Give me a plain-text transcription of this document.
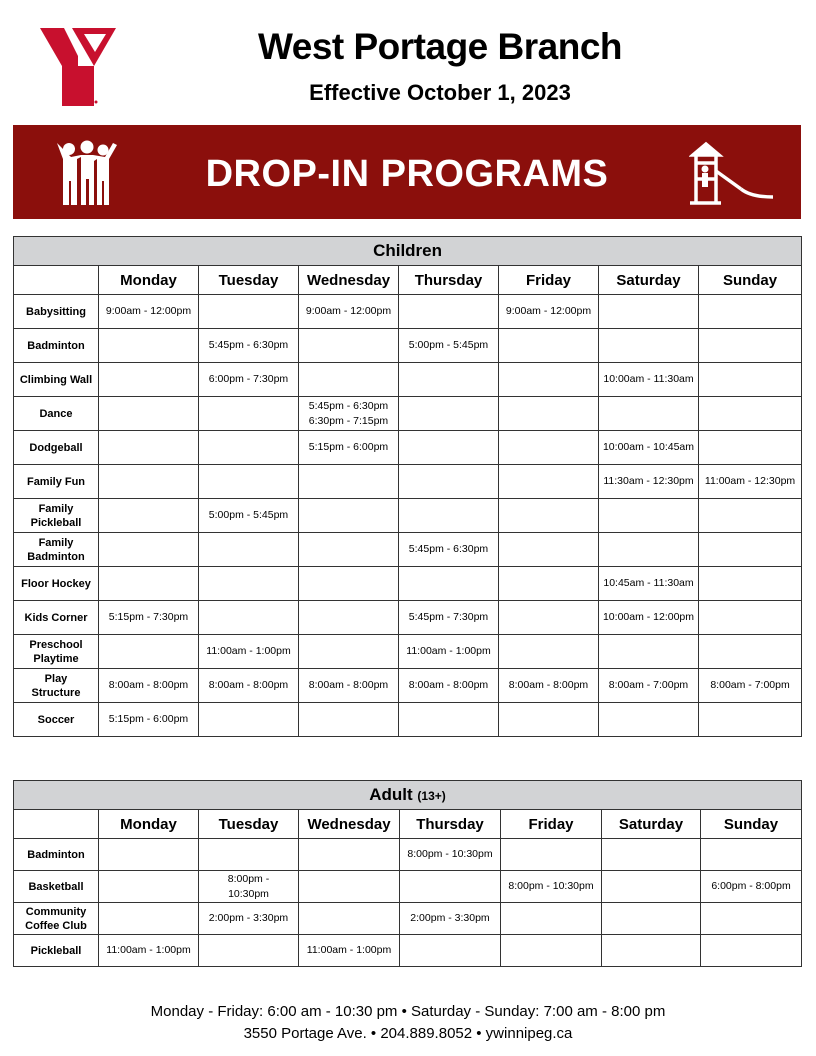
West Portage Branch
Effective October 1, 2023
DROP-IN PROGRAMS
Children							
	Monday	Tuesday	Wednesday	Thursday	Friday	Saturday	Sunday
Babysitting	9:00am - 12:00pm		9:00am - 12:00pm		9:00am - 12:00pm		
Badminton		5:45pm - 6:30pm		5:00pm - 5:45pm			
Climbing Wall		6:00pm - 7:30pm				10:00am - 11:30am	
Dance			5:45pm - 6:30pm
6:30pm - 7:15pm				
Dodgeball			5:15pm - 6:00pm			10:00am - 10:45am	
Family Fun						11:30am - 12:30pm	11:00am - 12:30pm
Family
Pickleball		5:00pm - 5:45pm					
Family
Badminton				5:45pm - 6:30pm			
Floor Hockey						10:45am - 11:30am	
Kids Corner	5:15pm - 7:30pm			5:45pm - 7:30pm		10:00am - 12:00pm	
Preschool
Playtime		11:00am - 1:00pm		11:00am - 1:00pm			
Play
Structure	8:00am - 8:00pm	8:00am - 8:00pm	8:00am - 8:00pm	8:00am - 8:00pm	8:00am - 8:00pm	8:00am - 7:00pm	8:00am - 7:00pm
Soccer	5:15pm - 6:00pm						
Adult (13+)							
	Monday	Tuesday	Wednesday	Thursday	Friday	Saturday	Sunday
Badminton				8:00pm - 10:30pm			
Basketball		8:00pm -
10:30pm			8:00pm - 10:30pm		6:00pm - 8:00pm
Community
Coffee Club		2:00pm - 3:30pm		2:00pm - 3:30pm			
Pickleball	11:00am - 1:00pm		11:00am - 1:00pm				
Monday - Friday: 6:00 am - 10:30 pm • Saturday - Sunday: 7:00 am - 8:00 pm
3550 Portage Ave. • 204.889.8052 • ywinnipeg.ca
